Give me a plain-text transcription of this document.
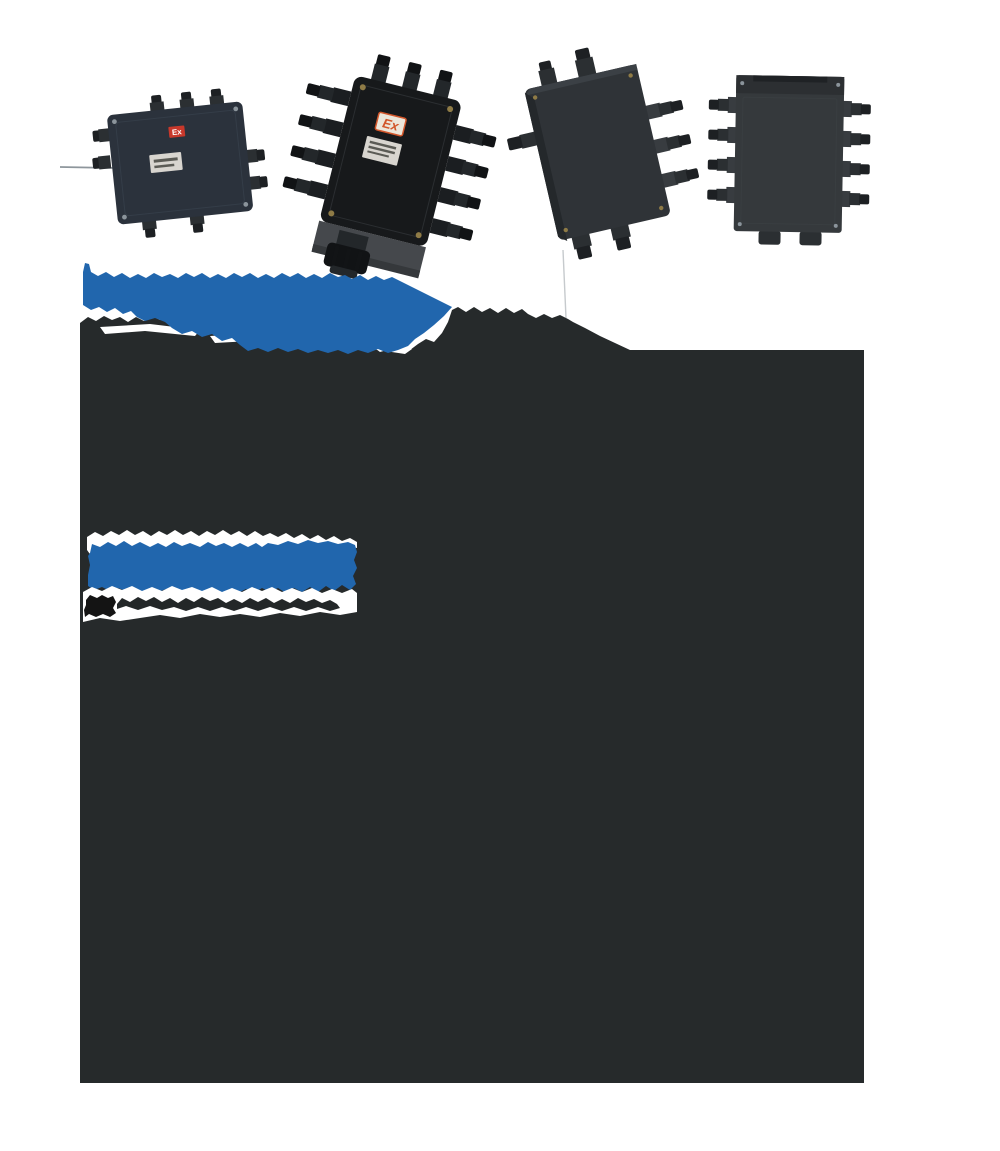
Ex	Ex
